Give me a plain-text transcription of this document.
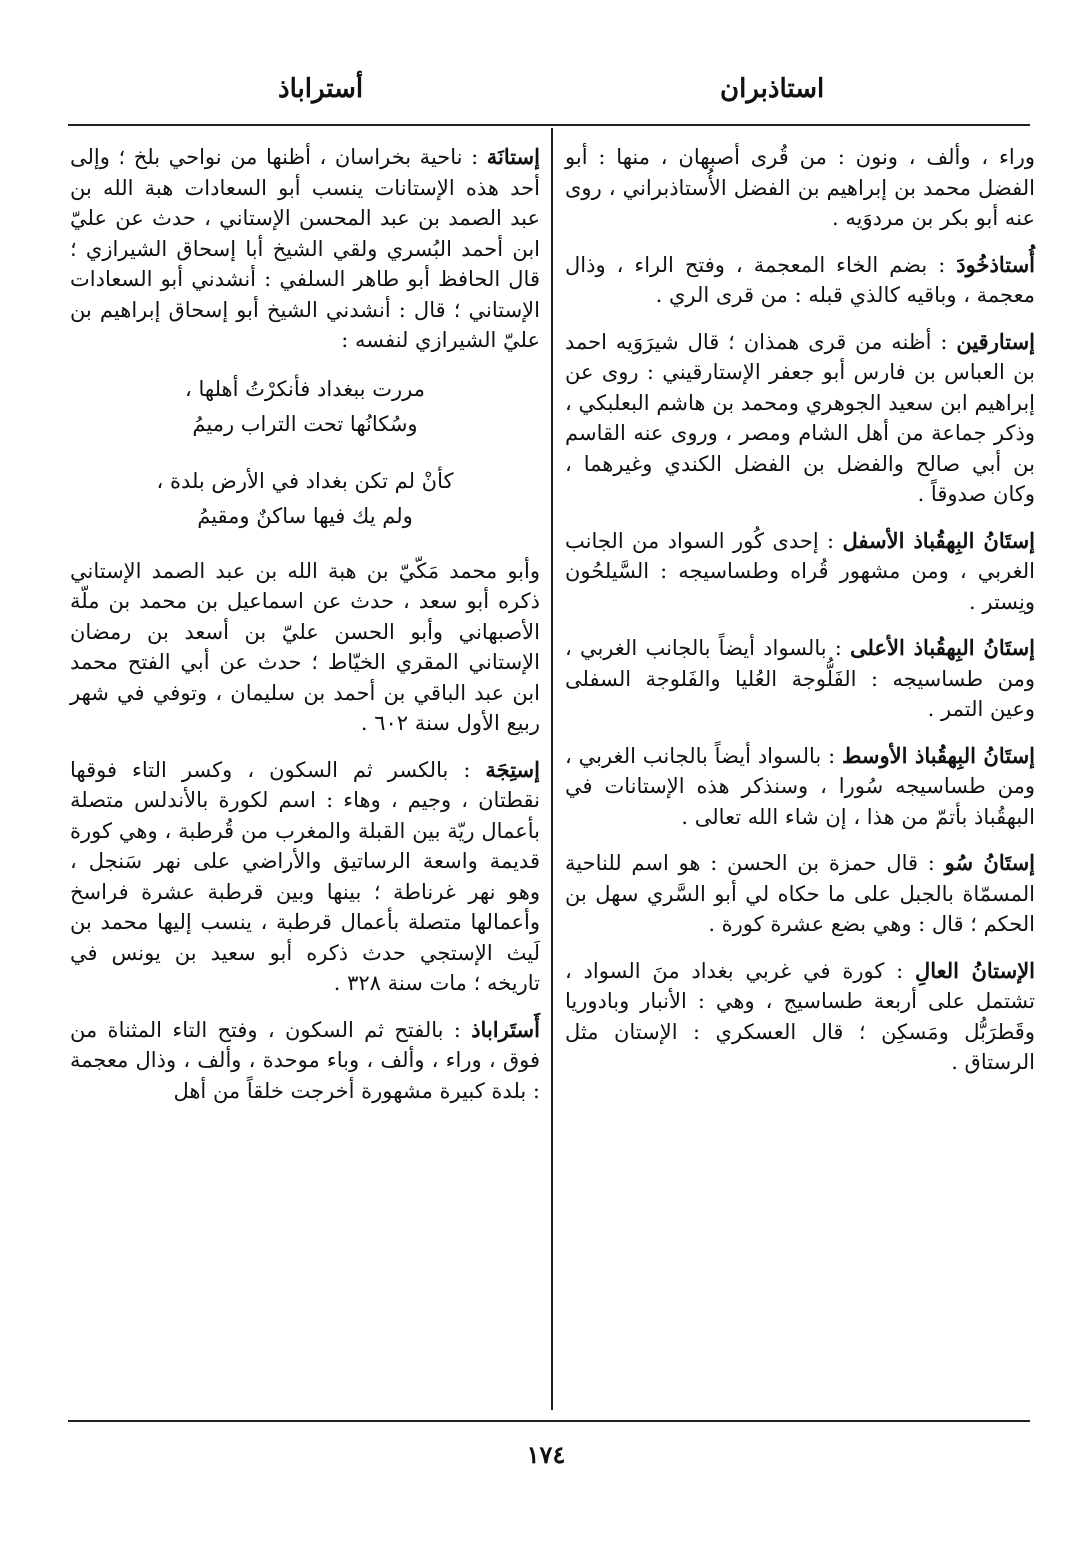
استاذبران
أستراباذ
وراء ، وألف ، ونون : من قُرى أصبهان ، منها : أبو الفضل محمد بن إبراهيم بن الفضل الأُستاذبراني ، روى عنه أبو بكر بن مردوَيه .
أُستاذخُودَ : بضم الخاء المعجمة ، وفتح الراء ، وذال معجمة ، وباقيه كالذي قبله : من قرى الري .
إستارقين : أظنه من قرى همذان ؛ قال شيرَوَيه احمد بن العباس بن فارس أبو جعفر الإستارقيني : روى عن إبراهيم ابن سعيد الجوهري ومحمد بن هاشم البعلبكي ، وذكر جماعة من أهل الشام ومصر ، وروى عنه القاسم بن أبي صالح والفضل بن الفضل الكندي وغيرهما ، وكان صدوقاً .
إستَانُ البِهقُباذ الأسفل : إحدى كُور السواد من الجانب الغربي ، ومن مشهور قُراه وطساسيجه : السَّيلحُون ونِستر .
إستَانُ البِهقُباذ الأعلى : بالسواد أيضاً بالجانب الغربي ، ومن طساسيجه : الفَلُّوجة العُليا والفَلوجة السفلى وعين التمر .
إستَانُ البِهقُباذ الأوسط : بالسواد أيضاً بالجانب الغربي ، ومن طساسيجه سُورا ، وسنذكر هذه الإستانات في البهقُباذ بأتمّ من هذا ، إن شاء الله تعالى .
إستَانُ سُو : قال حمزة بن الحسن : هو اسم للناحية المسمّاة بالجبل على ما حكاه لي أبو السَّري سهل بن الحكم ؛ قال : وهي بضع عشرة كورة .
الإستانُ العالِ : كورة في غربي بغداد منَ السواد ، تشتمل على أربعة طساسيج ، وهي : الأنبار وبادوريا وقَطرَبُّل ومَسكِن ؛ قال العسكري : الإستان مثل الرستاق .
إستانَة : ناحية بخراسان ، أظنها من نواحي بلخ ؛ وإلى أحد هذه الإستانات ينسب أبو السعادات هبة الله بن عبد الصمد بن عبد المحسن الإستاني ، حدث عن عليّ ابن أحمد البُسري ولقي الشيخ أبا إسحاق الشيرازي ؛ قال الحافظ أبو طاهر السلفي : أنشدني أبو السعادات الإستاني ؛ قال : أنشدني الشيخ أبو إسحاق إبراهيم بن عليّ الشيرازي لنفسه :
مررت ببغداد فأنكرْتُ أهلها ،
وسُكانُها تحت التراب رميمُ
كأنْ لم تكن بغداد في الأرض بلدة ،
ولم يك فيها ساكنٌ ومقيمُ
وأبو محمد مَكّيّ بن هبة الله بن عبد الصمد الإستاني ذكره أبو سعد ، حدث عن اسماعيل بن محمد بن ملّة الأصبهاني وأبو الحسن عليّ بن أسعد بن رمضان الإستاني المقري الخيّاط ؛ حدث عن أبي الفتح محمد ابن عبد الباقي بن أحمد بن سليمان ، وتوفي في شهر ربيع الأول سنة ٦٠٢ .
إستِجَة : بالكسر ثم السكون ، وكسر التاء فوقها نقطتان ، وجيم ، وهاء : اسم لكورة بالأندلس متصلة بأعمال ريّة بين القبلة والمغرب من قُرطبة ، وهي كورة قديمة واسعة الرساتيق والأراضي على نهر سَنجل ، وهو نهر غرناطة ؛ بينها وبين قرطبة عشرة فراسخ وأعمالها متصلة بأعمال قرطبة ، ينسب إليها محمد بن لَيث الإستجي حدث ذكره أبو سعيد بن يونس في تاريخه ؛ مات سنة ٣٢٨ .
أَستَراباذ : بالفتح ثم السكون ، وفتح التاء المثناة من فوق ، وراء ، وألف ، وباء موحدة ، وألف ، وذال معجمة : بلدة كبيرة مشهورة أخرجت خلقاً من أهل
١٧٤
